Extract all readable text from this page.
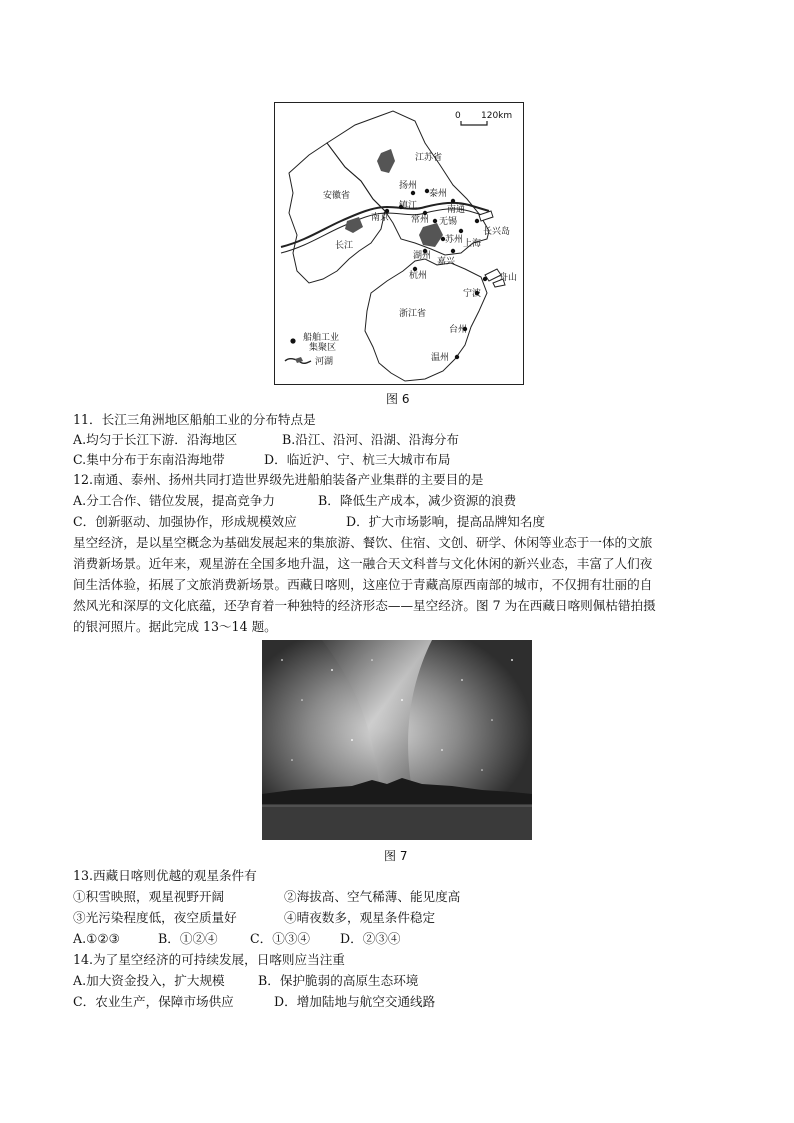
0 120km
江苏省
安徽省
长江
扬州
泰州
南通
镇江
南京 常州 无锡
苏州
长兴岛
上海
湖州
嘉兴
杭州	舟山
宁波
浙江省
台州
温州
船舶工业
集聚区
河湖
图 6
11．长江三角洲地区船舶工业的分布特点是
A.均匀于长江下游．沿海地区	B.沿江、沿河、沿湖、沿海分布
C.集中分布于东南沿海地带	D．临近沪、宁、杭三大城市布局
12.南通、泰州、扬州共同打造世界级先进船舶装备产业集群的主要目的是
A.分工合作、错位发展，提高竞争力	B．降低生产成本，减少资源的浪费
C．创新驱动、加强协作，形成规模效应	D．扩大市场影响，提高品牌知名度
星空经济，是以星空概念为基础发展起来的集旅游、餐饮、住宿、文创、研学、休闲等业态于一体的文旅
消费新场景。近年来，观星游在全国多地升温，这一融合天文科普与文化休闲的新兴业态，丰富了人们夜
间生活体验，拓展了文旅消费新场景。西藏日喀则，这座位于青藏高原西南部的城市，不仅拥有壮丽的自
然风光和深厚的文化底蕴，还孕育着一种独特的经济形态——星空经济。图 7 为在西藏日喀则佩枯错拍摄
的银河照片。据此完成 13～14 题。
图 7
13.西藏日喀则优越的观星条件有
①积雪映照，观星视野开阔	②海拔高、空气稀薄、能见度高
③光污染程度低，夜空质量好	④晴夜数多，观星条件稳定
A.①②③	B．①②④	C．①③④ D．②③④
14.为了星空经济的可持续发展，日喀则应当注重
A.加大资金投入，扩大规模	B．保护脆弱的高原生态环境
C．农业生产，保障市场供应	D．增加陆地与航空交通线路
